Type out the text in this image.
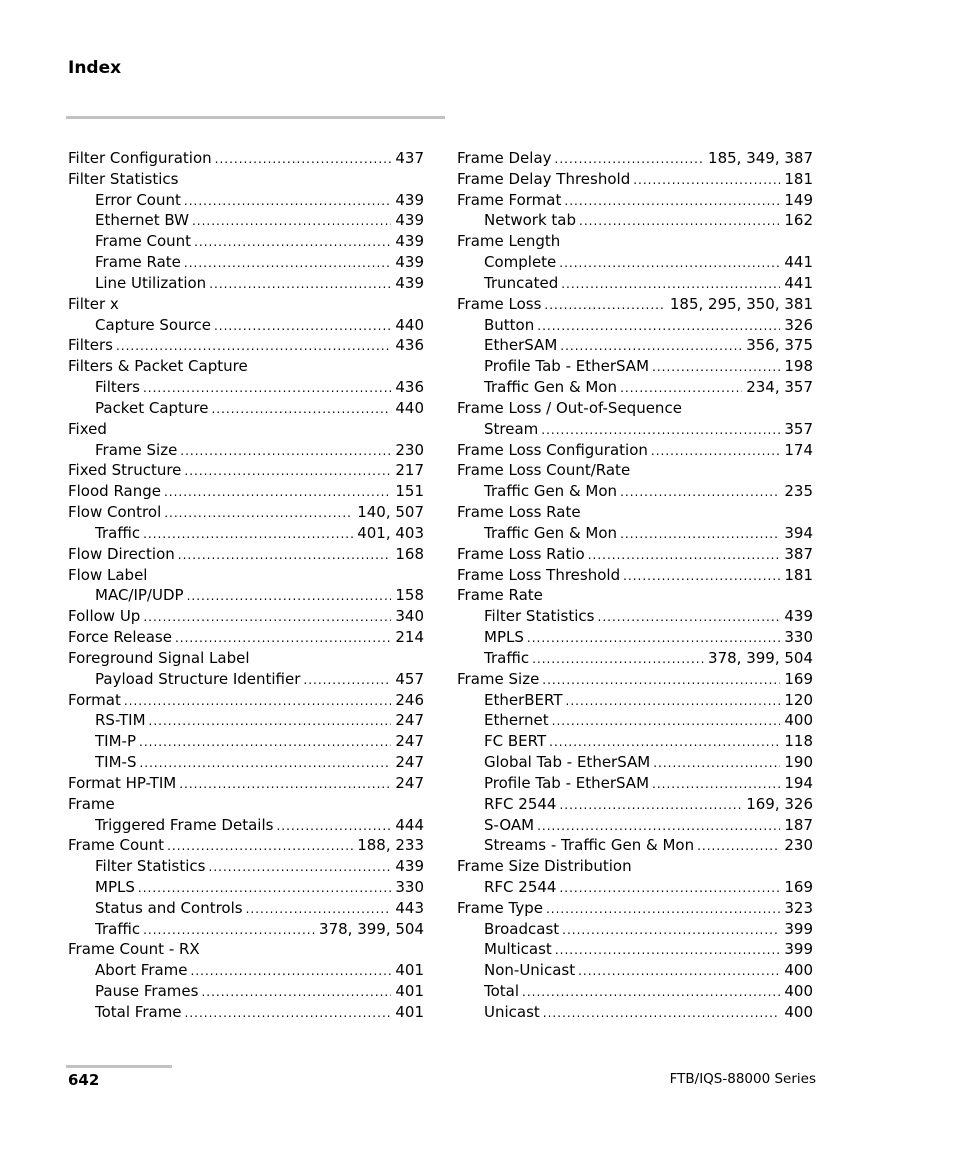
Index
Filter Configuration .....	437
Filter Statistics
Error Count .....	439
Ethernet BW .....	439
Frame Count .....	439
Frame Rate .....	439
Line Utilization .....	439
Filter x
Capture Source .....	440
Filters .....	436
Filters & Packet Capture
Filters .....	436
Packet Capture .....	440
Fixed
Frame Size .....	230
Fixed Structure .....	217
Flood Range .....	151
Flow Control .....	140, 507
Traffic .....	401, 403
Flow Direction .....	168
Flow Label
MAC/IP/UDP .....	158
Follow Up .....	340
Force Release .....	214
Foreground Signal Label
Payload Structure Identifier .....	457
Format .....	246
RS-TIM .....	247
TIM-P .....	247
TIM-S .....	247
Format HP-TIM .....	247
Frame
Triggered Frame Details .....	444
Frame Count .....	188, 233
Filter Statistics .....	439
MPLS .....	330
Status and Controls .....	443
Traffic .....	378, 399, 504
Frame Count - RX
Abort Frame .....	401
Pause Frames .....	401
Total Frame .....	401
Frame Delay .....	185, 349, 387
Frame Delay Threshold .....	181
Frame Format .....	149
Network tab .....	162
Frame Length
Complete .....	441
Truncated .....	441
Frame Loss .....	185, 295, 350, 381
Button .....	326
EtherSAM .....	356, 375
Profile Tab - EtherSAM .....	198
Traffic Gen & Mon .....	234, 357
Frame Loss / Out-of-Sequence
Stream .....	357
Frame Loss Configuration .....	174
Frame Loss Count/Rate
Traffic Gen & Mon .....	235
Frame Loss Rate
Traffic Gen & Mon .....	394
Frame Loss Ratio .....	387
Frame Loss Threshold .....	181
Frame Rate
Filter Statistics .....	439
MPLS .....	330
Traffic .....	378, 399, 504
Frame Size .....	169
EtherBERT .....	120
Ethernet .....	400
FC BERT .....	118
Global Tab - EtherSAM .....	190
Profile Tab - EtherSAM .....	194
RFC 2544 .....	169, 326
S-OAM .....	187
Streams - Traffic Gen & Mon .....	230
Frame Size Distribution
RFC 2544 .....	169
Frame Type .....	323
Broadcast .....	399
Multicast .....	399
Non-Unicast .....	400
Total .....	400
Unicast .....	400
642	FTB/IQS-88000 Series
